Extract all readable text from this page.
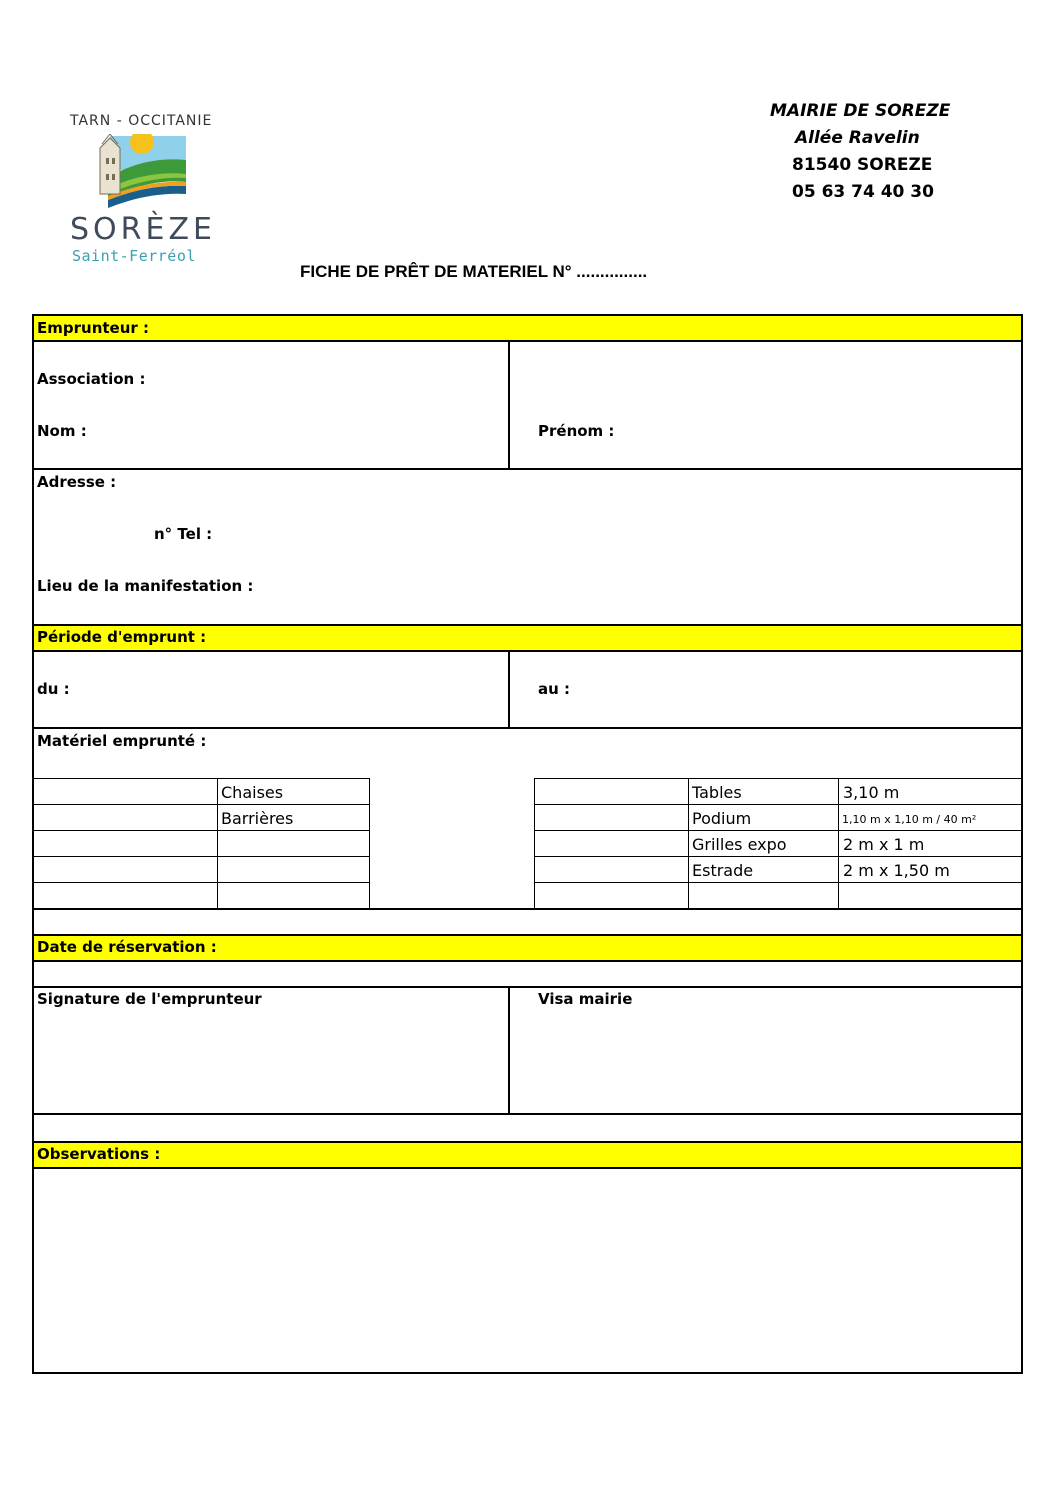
TARN - OCCITANIE
SORÈZE
Saint-Ferréol
MAIRIE DE SOREZE
Allée Ravelin
81540 SOREZE
05 63 74 40 30
FICHE DE PRÊT DE MATERIEL N° ...............
Emprunteur :
Association :
Nom :	Prénom :
Adresse :
n° Tel :
Lieu de la manifestation :
Période d'emprunt :
du :	au :
Matériel emprunté :
Date de réservation :
Signature de l'emprunteur	Visa mairie
Observations :
Chaises
Barrières
Tables	3,10 m
Podium	1,10 m x 1,10 m / 40 m²
Grilles expo	2 m x 1 m
Estrade	2 m x 1,50 m
